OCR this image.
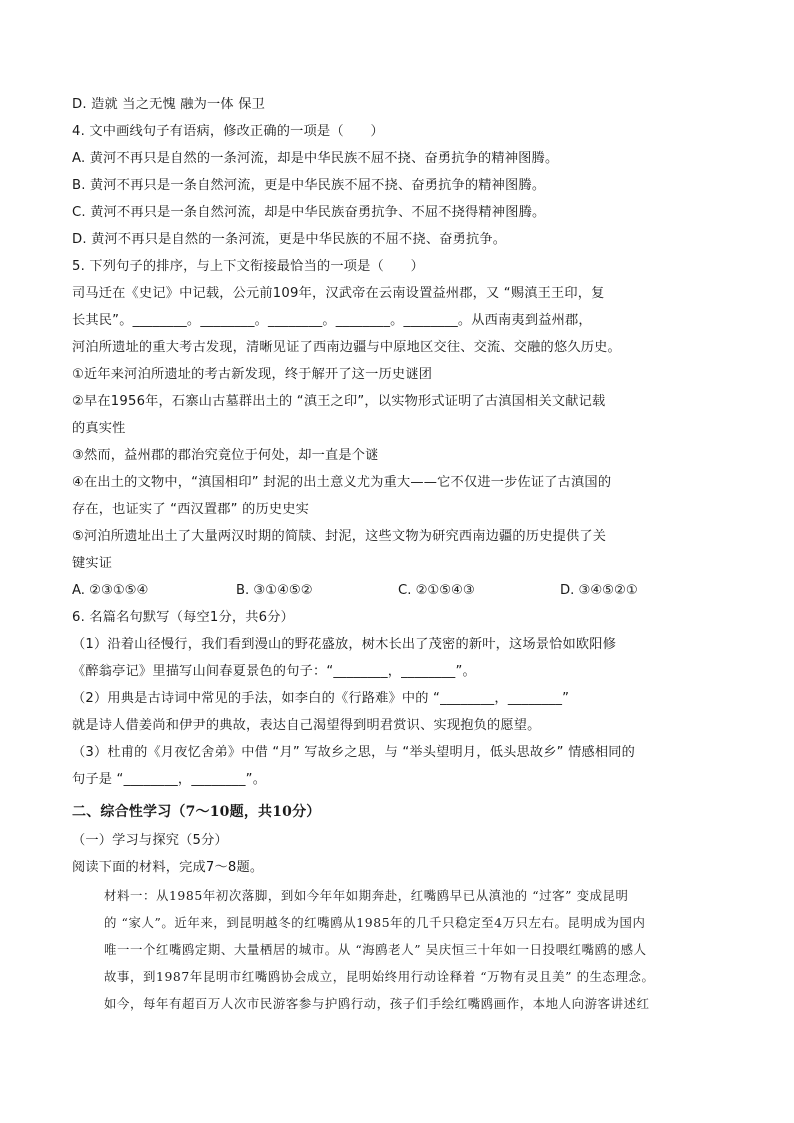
D. 造就 当之无愧 融为一体 保卫
4. 文中画线句子有语病，修改正确的一项是（　　）
A. 黄河不再只是自然的一条河流，却是中华民族不屈不挠、奋勇抗争的精神图腾。
B. 黄河不再只是一条自然河流，更是中华民族不屈不挠、奋勇抗争的精神图腾。
C. 黄河不再只是一条自然河流，却是中华民族奋勇抗争、不屈不挠得精神图腾。
D. 黄河不再只是自然的一条河流，更是中华民族的不屈不挠、奋勇抗争。
5. 下列句子的排序，与上下文衔接最恰当的一项是（　　）
司马迁在《史记》中记载，公元前109年，汉武帝在云南设置益州郡，又 “赐滇王王印，复
长其民”。________。________。________。________。________。从西南夷到益州郡，
河泊所遗址的重大考古发现，清晰见证了西南边疆与中原地区交往、交流、交融的悠久历史。
①近年来河泊所遗址的考古新发现，终于解开了这一历史谜团
②早在1956年，石寨山古墓群出土的 “滇王之印”，以实物形式证明了古滇国相关文献记载
的真实性
③然而，益州郡的郡治究竟位于何处，却一直是个谜
④在出土的文物中，“滇国相印” 封泥的出土意义尤为重大——它不仅进一步佐证了古滇国的
存在，也证实了 “西汉置郡” 的历史史实
⑤河泊所遗址出土了大量两汉时期的简牍、封泥，这些文物为研究西南边疆的历史提供了关
键实证
A. ②③①⑤④	B. ③①④⑤②	C. ②①⑤④③	D. ③④⑤②①
6. 名篇名句默写（每空1分，共6分）
（1）沿着山径慢行，我们看到漫山的野花盛放，树木长出了茂密的新叶，这场景恰如欧阳修
《醉翁亭记》里描写山间春夏景色的句子：“________，________”。
（2）用典是古诗词中常见的手法，如李白的《行路难》中的 “________，________”
就是诗人借姜尚和伊尹的典故，表达自己渴望得到明君赏识、实现抱负的愿望。
（3）杜甫的《月夜忆舍弟》中借 “月” 写故乡之思，与 “举头望明月，低头思故乡” 情感相同的
句子是 “________，________”。
二、综合性学习（7～10题，共10分）
（一）学习与探究（5分）
阅读下面的材料，完成7～8题。
材料一：从1985年初次落脚，到如今年年如期奔赴，红嘴鸥早已从滇池的 “过客” 变成昆明
的 “家人”。近年来，到昆明越冬的红嘴鸥从1985年的几千只稳定至4万只左右。昆明成为国内
唯一一个红嘴鸥定期、大量栖居的城市。从 “海鸥老人” 吴庆恒三十年如一日投喂红嘴鸥的感人
故事，到1987年昆明市红嘴鸥协会成立，昆明始终用行动诠释着 “万物有灵且美” 的生态理念。
如今，每年有超百万人次市民游客参与护鸥行动，孩子们手绘红嘴鸥画作，本地人向游客讲述红
